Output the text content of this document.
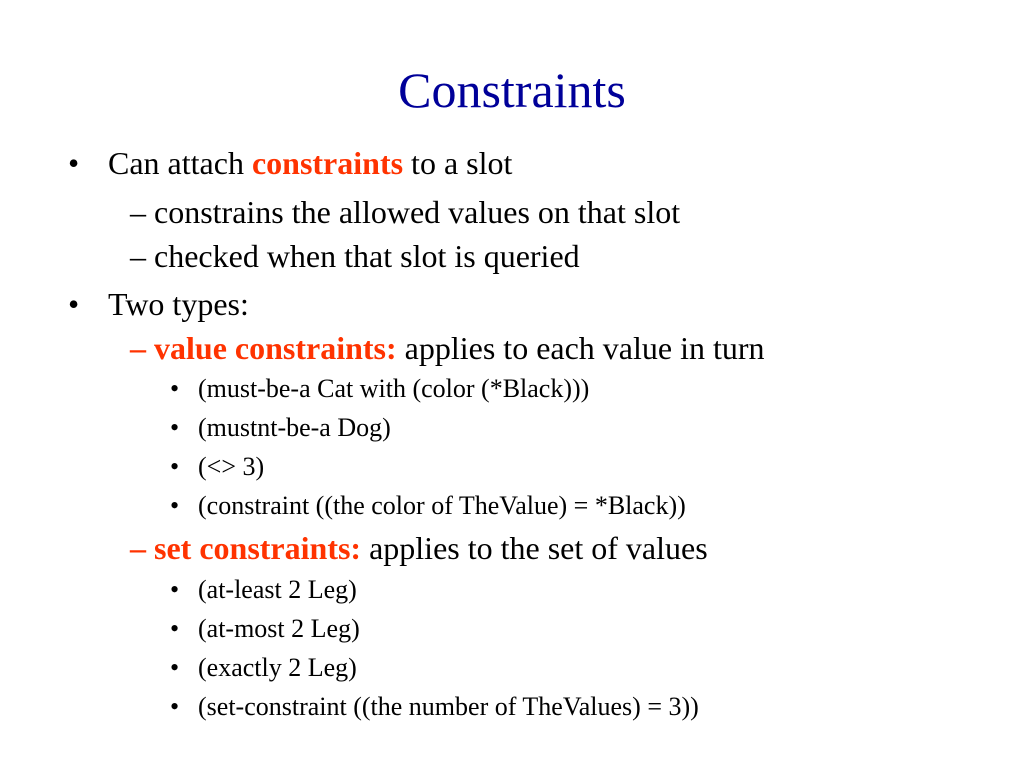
Constraints
• Can attach constraints to a slot
– constrains the allowed values on that slot
– checked when that slot is queried
• Two types:
– value constraints: applies to each value in turn
• (must-be-a Cat with (color (*Black)))
• (mustnt-be-a Dog)
• (<> 3)
• (constraint ((the color of TheValue) = *Black))
– set constraints: applies to the set of values
• (at-least 2 Leg)
• (at-most 2 Leg)
• (exactly 2 Leg)
• (set-constraint ((the number of TheValues) = 3))
